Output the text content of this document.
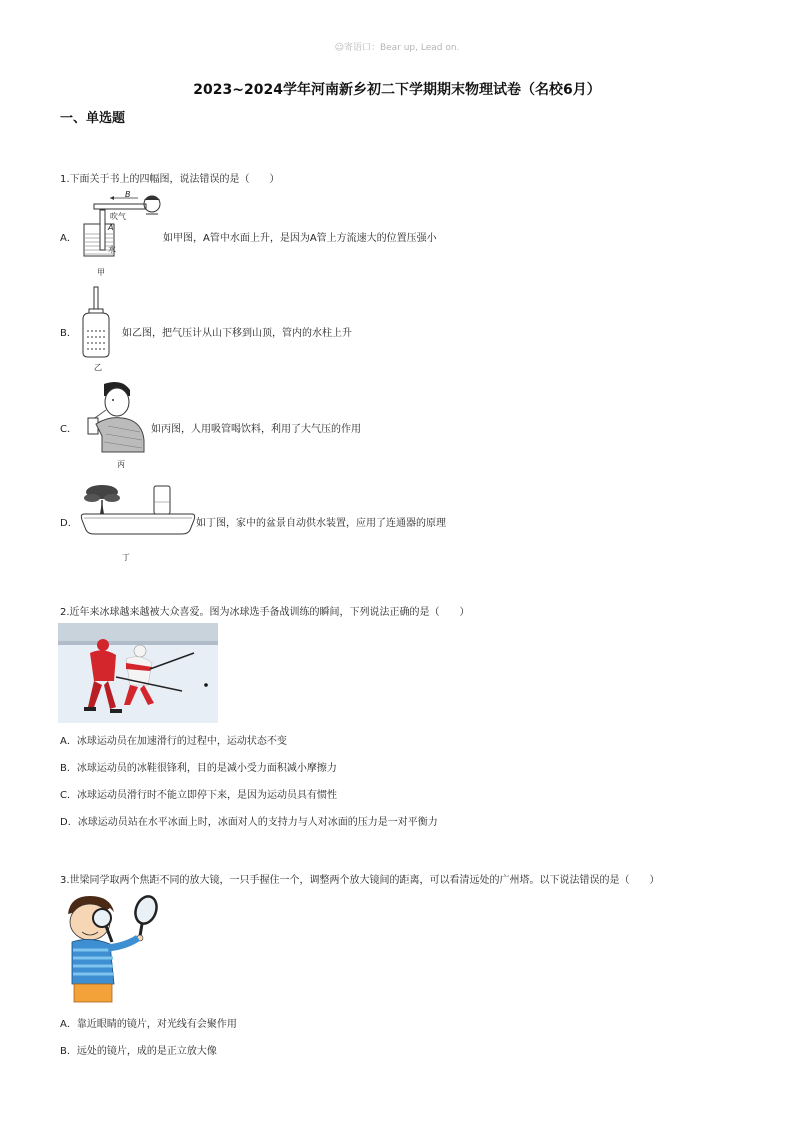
☺寄语口：Bear up, Lead on.
2023~2024学年河南新乡初二下学期期末物理试卷（名校6月）
一、单选题
1.下面关于书上的四幅图，说法错误的是（　　）
A．
B
吹气
A
水
甲
如甲图，A管中水面上升，是因为A管上方流速大的位置压强小
B．
乙
如乙图，把气压计从山下移到山顶，管内的水柱上升
C．
丙
如丙图，人用吸管喝饮料，利用了大气压的作用
D．
丁
如丁图，家中的盆景自动供水装置，应用了连通器的原理
2.近年来冰球越来越被大众喜爱。图为冰球选手备战训练的瞬间，下列说法正确的是（　　）
A．冰球运动员在加速滑行的过程中，运动状态不变
B．冰球运动员的冰鞋很锋利，目的是减小受力面积减小摩擦力
C．冰球运动员滑行时不能立即停下来，是因为运动员具有惯性
D．冰球运动员站在水平冰面上时，冰面对人的支持力与人对冰面的压力是一对平衡力
3.世梁同学取两个焦距不同的放大镜，一只手握住一个，调整两个放大镜间的距离，可以看清远处的广州塔。以下说法错误的是（　　）
A．靠近眼睛的镜片，对光线有会聚作用
B．远处的镜片，成的是正立放大像
